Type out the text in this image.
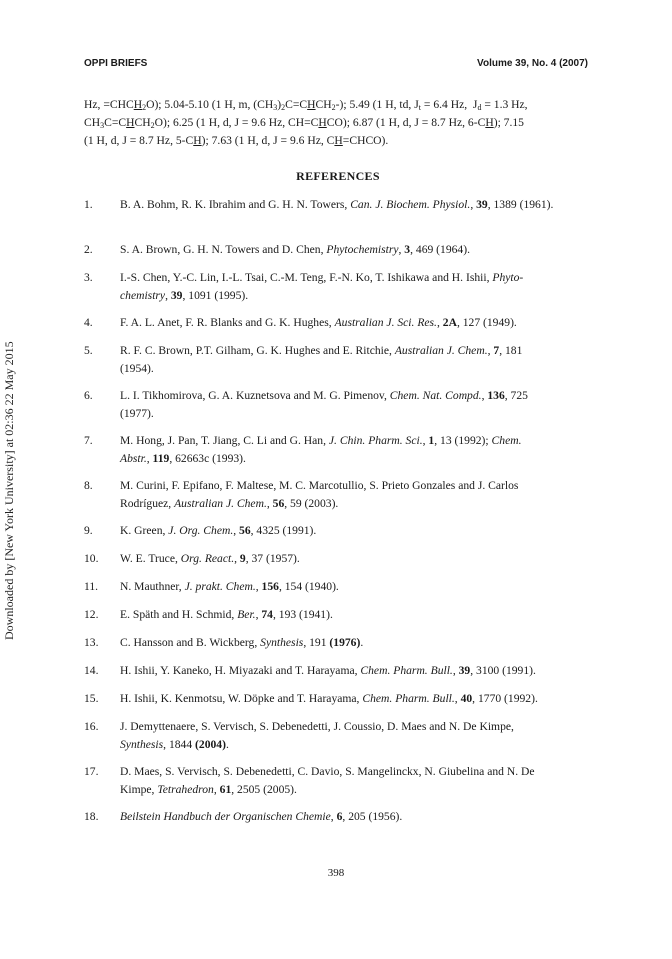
OPPI BRIEFS	Volume 39, No. 4 (2007)
Downloaded by [New York University] at 02:36 22 May 2015

Hz, $=CHCH_2O$); 5.04-5.10 (1 H, m, $(CH_3)_2C=CHCH_2-$); 5.49 (1 H, td, $J_t = 6.4$ Hz,  $J_d = 1.3$ Hz,

$CH_3C=CHCH_2O$); 6.25 (1 H, d, J = 9.6 Hz, CH=CHCO); 6.87 (1 H, d, J = 8.7 Hz, 6-CH); 7.15

(1 H, d, J = 8.7 Hz, 5-CH); 7.63 (1 H, d, J = 9.6 Hz, CH=CHCO).

REFERENCES
1. B. A. Bohm, R. K. Ibrahim and G. H. N. Towers, Can. J. Biochem. Physiol., 39, 1389 (1961).
2. S. A. Brown, G. H. N. Towers and D. Chen, Phytochemistry, 3, 469 (1964).
3. I.-S. Chen, Y.-C. Lin, I.-L. Tsai, C.-M. Teng, F.-N. Ko, T. Ishikawa and H. Ishii, Phyto-
chemistry, 39, 1091 (1995).
4. F. A. L. Anet, F. R. Blanks and G. K. Hughes, Australian J. Sci. Res., 2A, 127 (1949).
5. R. F. C. Brown, P.T. Gilham, G. K. Hughes and E. Ritchie, Australian J. Chem., 7, 181
(1954).
6. L. I. Tikhomirova, G. A. Kuznetsova and M. G. Pimenov, Chem. Nat. Compd., 136, 725
(1977).
7. M. Hong, J. Pan, T. Jiang, C. Li and G. Han, J. Chin. Pharm. Sci., 1, 13 (1992); Chem.
Abstr., 119, 62663c (1993).
8. M. Curini, F. Epifano, F. Maltese, M. C. Marcotullio, S. Prieto Gonzales and J. Carlos
Rodríguez, Australian J. Chem., 56, 59 (2003).
9. K. Green, J. Org. Chem., 56, 4325 (1991).
10. W. E. Truce, Org. React., 9, 37 (1957).
11. N. Mauthner, J. prakt. Chem., 156, 154 (1940).
12. E. Späth and H. Schmid, Ber., 74, 193 (1941).
13. C. Hansson and B. Wickberg, Synthesis, 191 (1976).
14. H. Ishii, Y. Kaneko, H. Miyazaki and T. Harayama, Chem. Pharm. Bull., 39, 3100 (1991).
15. H. Ishii, K. Kenmotsu, W. Döpke and T. Harayama, Chem. Pharm. Bull., 40, 1770 (1992).
16. J. Demyttenaere, S. Vervisch, S. Debenedetti, J. Coussio, D. Maes and N. De Kimpe,
Synthesis, 1844 (2004).
17. D. Maes, S. Vervisch, S. Debenedetti, C. Davio, S. Mangelinckx, N. Giubelina and N. De
Kimpe, Tetrahedron, 61, 2505 (2005).
18. Beilstein Handbuch der Organischen Chemie, 6, 205 (1956).
398
